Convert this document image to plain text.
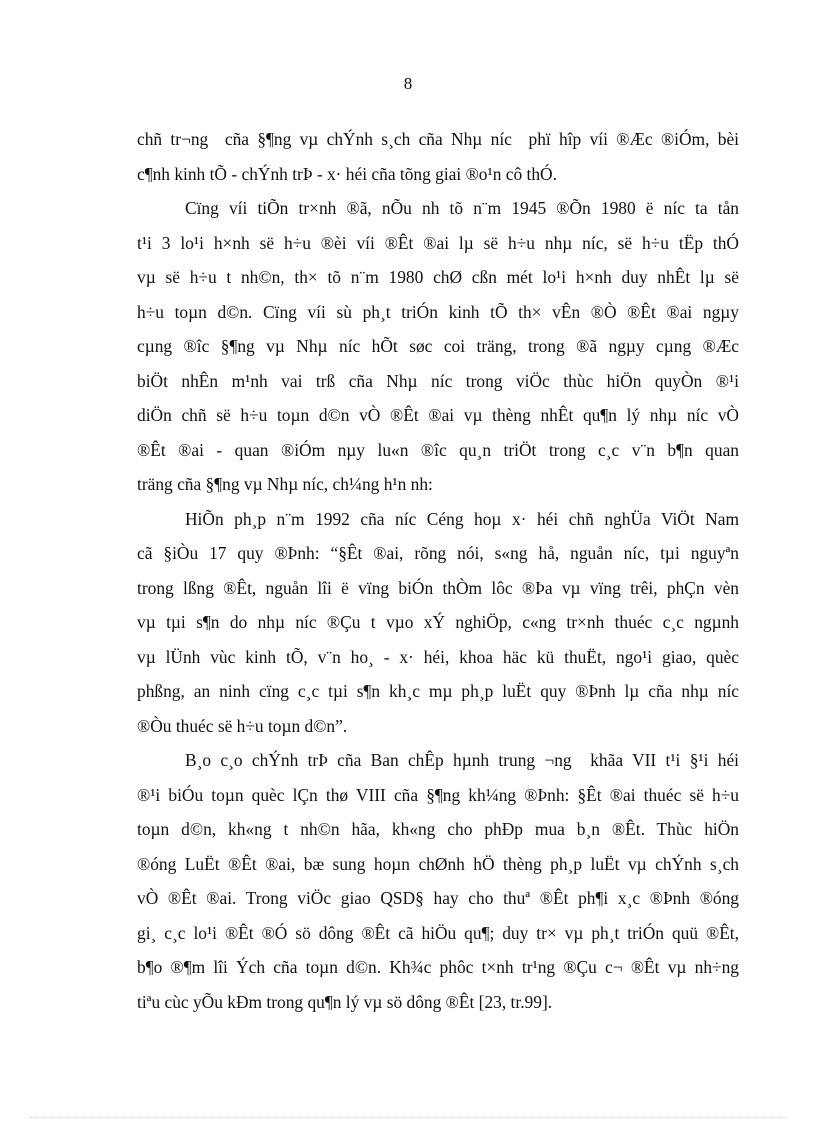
8
chñ tr¬ng  cña §¶ng vµ chÝnh s¸ch cña Nhµ níc  phï hîp víi ®Æc ®iÓm, bèi
c¶nh kinh tÕ - chÝnh trÞ - x· héi cña tõng giai ®o¹n cô thÓ.
Cïng víi tiÕn tr×nh ®ã, nÕu nh tõ n¨m 1945 ®Õn 1980 ë níc ta tån
t¹i 3 lo¹i h×nh së h÷u ®èi víi ®Êt ®ai lµ së h÷u nhµ níc, së h÷u tËp thÓ
vµ së h÷u t nh©n, th× tõ n¨m 1980 chØ cßn mét lo¹i h×nh duy nhÊt lµ së
h÷u toµn d©n. Cïng víi sù ph¸t triÓn kinh tÕ th× vÊn ®Ò ®Êt ®ai ngµy
cµng ®îc §¶ng vµ Nhµ níc hÕt søc coi träng, trong ®ã ngµy cµng ®Æc
biÖt nhÊn m¹nh vai trß cña Nhµ níc trong viÖc thùc hiÖn quyÒn ®¹i
diÖn chñ së h÷u toµn d©n vÒ ®Êt ®ai vµ thèng nhÊt qu¶n lý nhµ níc vÒ
®Êt ®ai - quan ®iÓm nµy lu«n ®îc qu¸n triÖt trong c¸c v¨n b¶n quan
träng cña §¶ng vµ Nhµ níc, ch¼ng h¹n nh:
HiÕn ph¸p n¨m 1992 cña níc Céng hoµ x· héi chñ nghÜa ViÖt Nam
cã §iÒu 17 quy ®Þnh: “§Êt ®ai, rõng nói, s«ng hå, nguån níc, tµi nguyªn
trong lßng ®Êt, nguån lîi ë vïng biÓn thÒm lôc ®Þa vµ vïng trêi, phÇn vèn
vµ tµi s¶n do nhµ níc ®Çu t vµo xÝ nghiÖp, c«ng tr×nh thuéc c¸c ngµnh
vµ lÜnh vùc kinh tÕ, v¨n ho¸ - x· héi, khoa häc kü thuËt, ngo¹i giao, quèc
phßng, an ninh cïng c¸c tµi s¶n kh¸c mµ ph¸p luËt quy ®Þnh lµ cña nhµ níc
®Òu thuéc së h÷u toµn d©n”.
B¸o c¸o chÝnh trÞ cña Ban chÊp hµnh trung ¬ng  khãa VII t¹i §¹i héi
®¹i biÓu toµn quèc lÇn thø VIII cña §¶ng kh¼ng ®Þnh: §Êt ®ai thuéc së h÷u
toµn d©n, kh«ng t nh©n hãa, kh«ng cho phÐp mua b¸n ®Êt. Thùc hiÖn
®óng LuËt ®Êt ®ai, bæ sung hoµn chØnh hÖ thèng ph¸p luËt vµ chÝnh s¸ch
vÒ ®Êt ®ai. Trong viÖc giao QSD§ hay cho thuª ®Êt ph¶i x¸c ®Þnh ®óng
gi¸ c¸c lo¹i ®Êt ®Ó sö dông ®Êt cã hiÖu qu¶; duy tr× vµ ph¸t triÓn quü ®Êt,
b¶o ®¶m lîi Ých cña toµn d©n. Kh¾c phôc t×nh tr¹ng ®Çu c¬ ®Êt vµ nh÷ng
tiªu cùc yÕu kÐm trong qu¶n lý vµ sö dông ®Êt [23, tr.99].
